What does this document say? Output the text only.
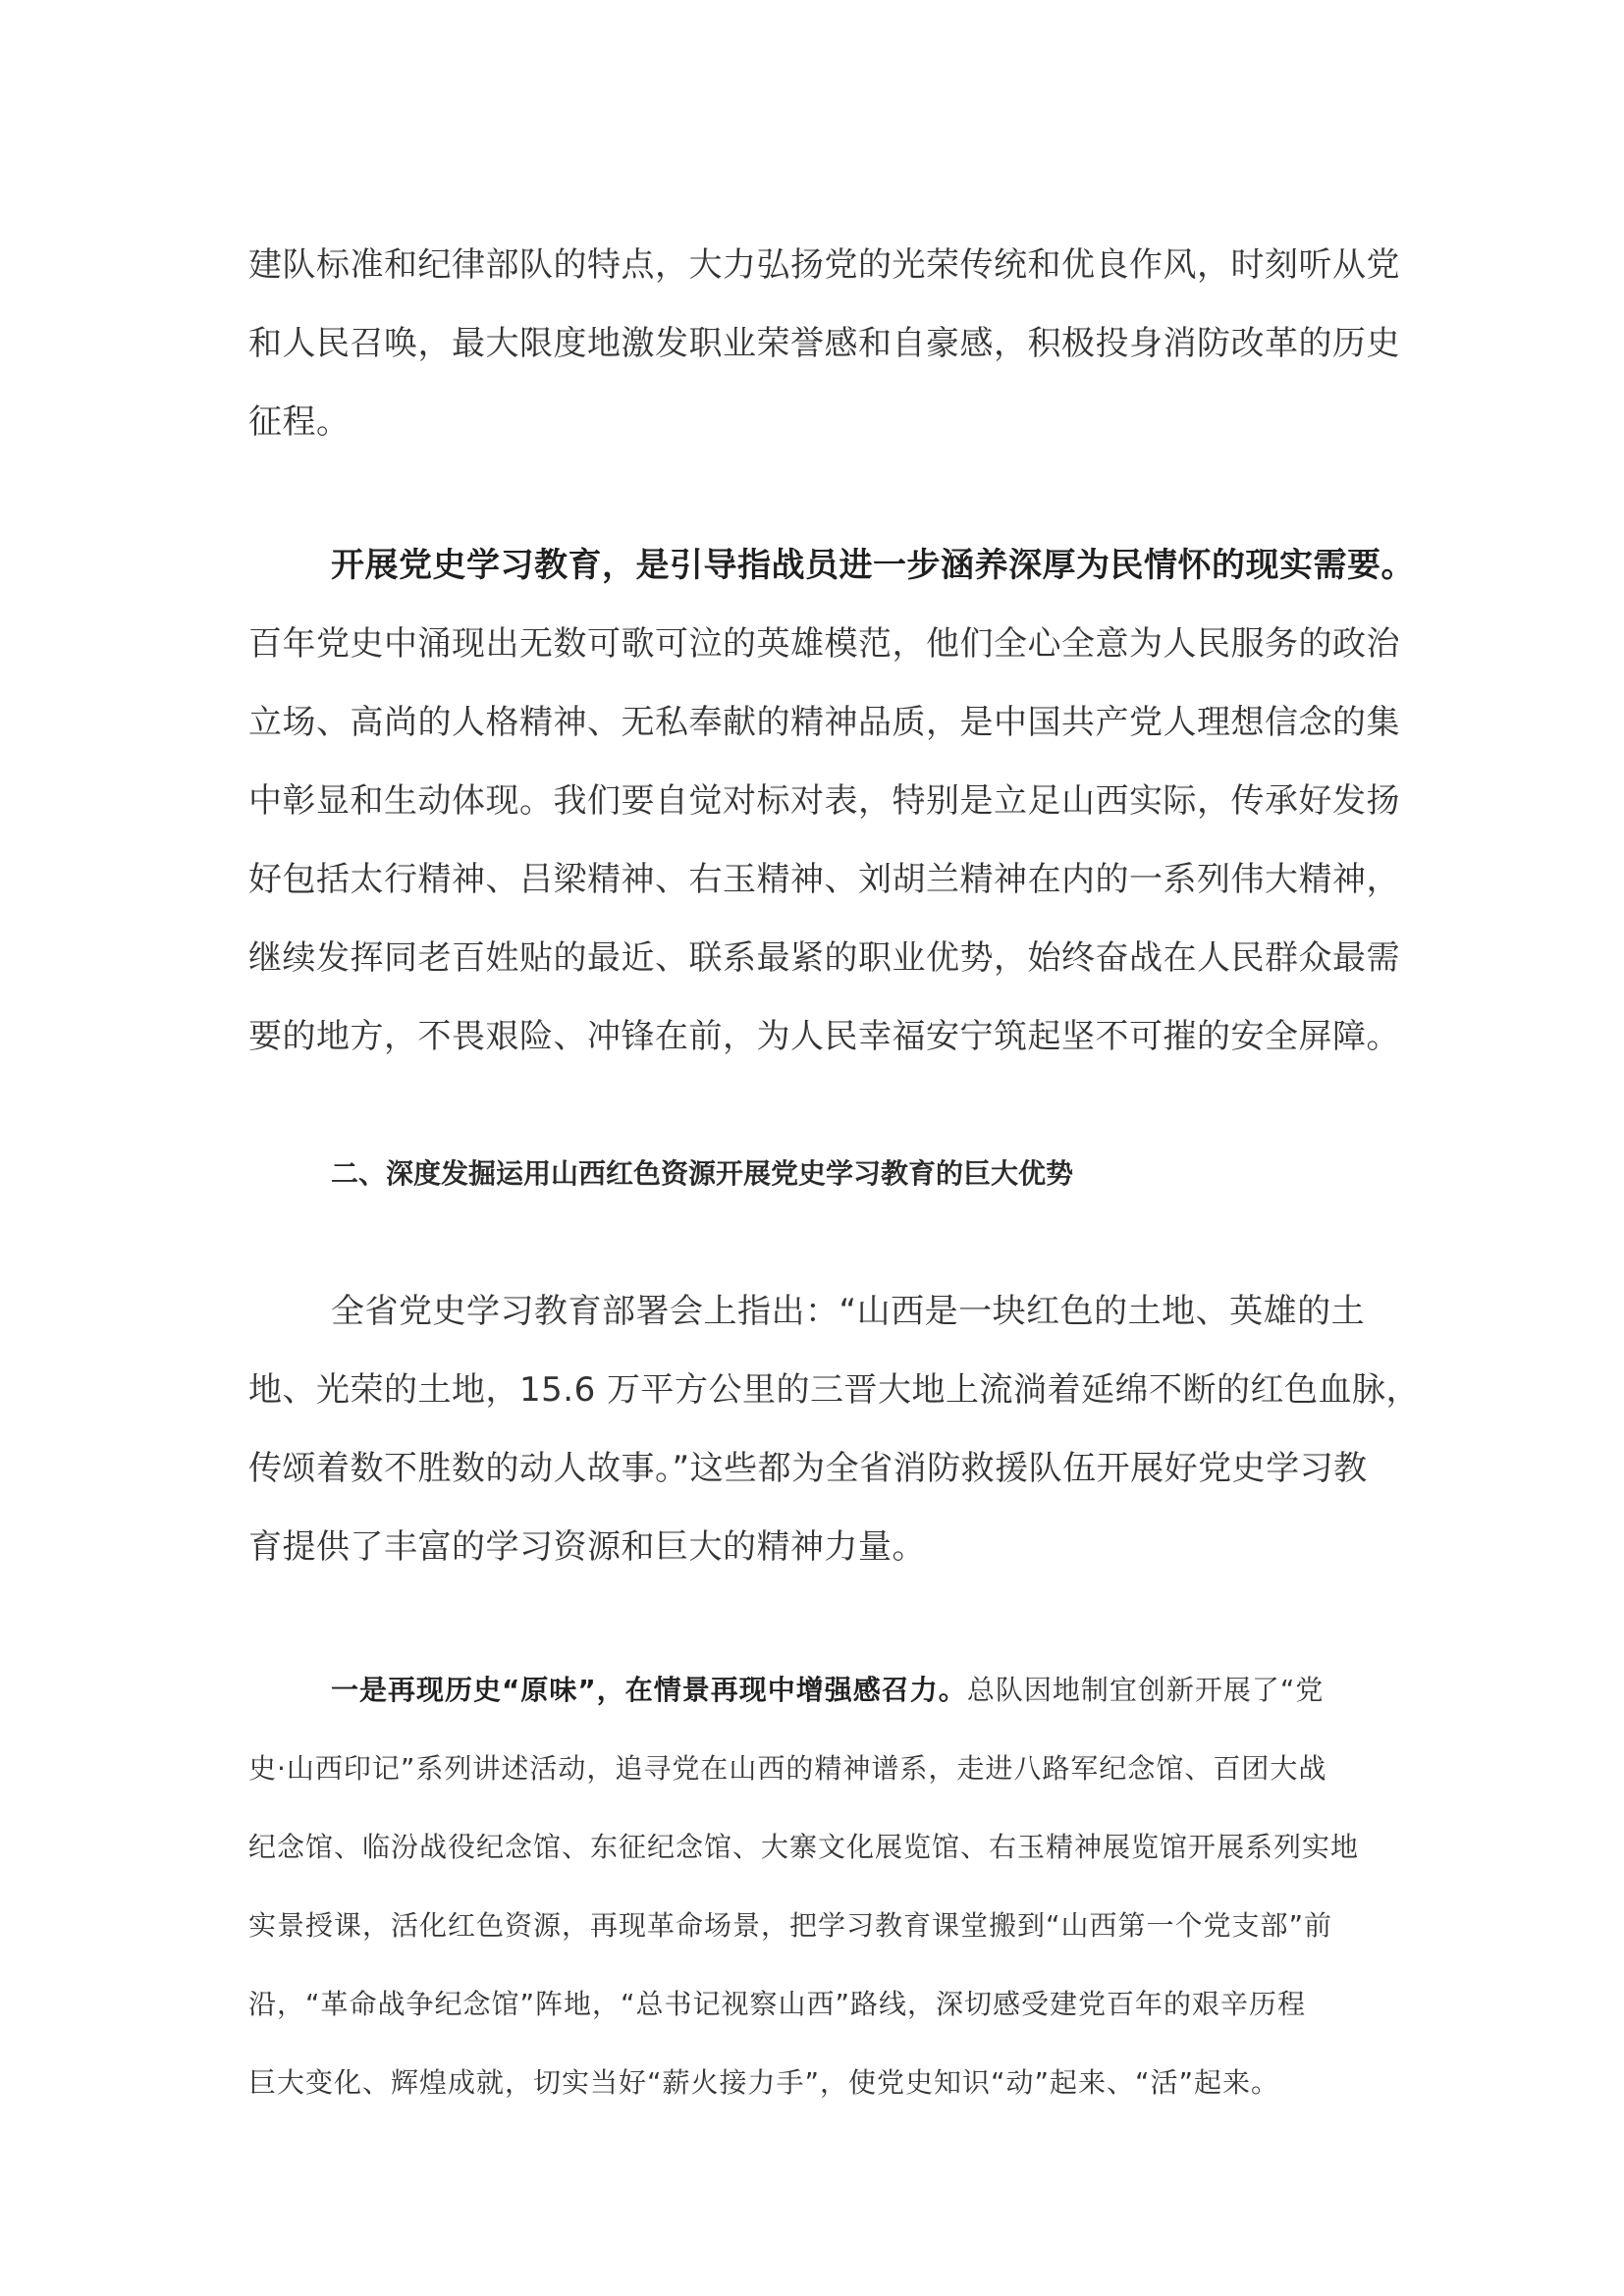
建队标准和纪律部队的特点，大力弘扬党的光荣传统和优良作风，时刻听从党
和人民召唤，最大限度地激发职业荣誉感和自豪感，积极投身消防改革的历史
征程。
开展党史学习教育，是引导指战员进一步涵养深厚为民情怀的现实需要。
百年党史中涌现出无数可歌可泣的英雄模范，他们全心全意为人民服务的政治
立场、高尚的人格精神、无私奉献的精神品质，是中国共产党人理想信念的集
中彰显和生动体现。我们要自觉对标对表，特别是立足山西实际，传承好发扬
好包括太行精神、吕梁精神、右玉精神、刘胡兰精神在内的一系列伟大精神，
继续发挥同老百姓贴的最近、联系最紧的职业优势，始终奋战在人民群众最需
要的地方，不畏艰险、冲锋在前，为人民幸福安宁筑起坚不可摧的安全屏障。
二、深度发掘运用山西红色资源开展党史学习教育的巨大优势
全省党史学习教育部署会上指出：“山西是一块红色的土地、英雄的土
地、光荣的土地，15.6 万平方公里的三晋大地上流淌着延绵不断的红色血脉，
传颂着数不胜数的动人故事。”这些都为全省消防救援队伍开展好党史学习教
育提供了丰富的学习资源和巨大的精神力量。
一是再现历史“原味”，在情景再现中增强感召力。总队因地制宜创新开展了“党
史·山西印记”系列讲述活动，追寻党在山西的精神谱系，走进八路军纪念馆、百团大战
纪念馆、临汾战役纪念馆、东征纪念馆、大寨文化展览馆、右玉精神展览馆开展系列实地
实景授课，活化红色资源，再现革命场景，把学习教育课堂搬到“山西第一个党支部”前
沿，“革命战争纪念馆”阵地，“总书记视察山西”路线，深切感受建党百年的艰辛历程
巨大变化、辉煌成就，切实当好“薪火接力手”，使党史知识“动”起来、“活”起来。
